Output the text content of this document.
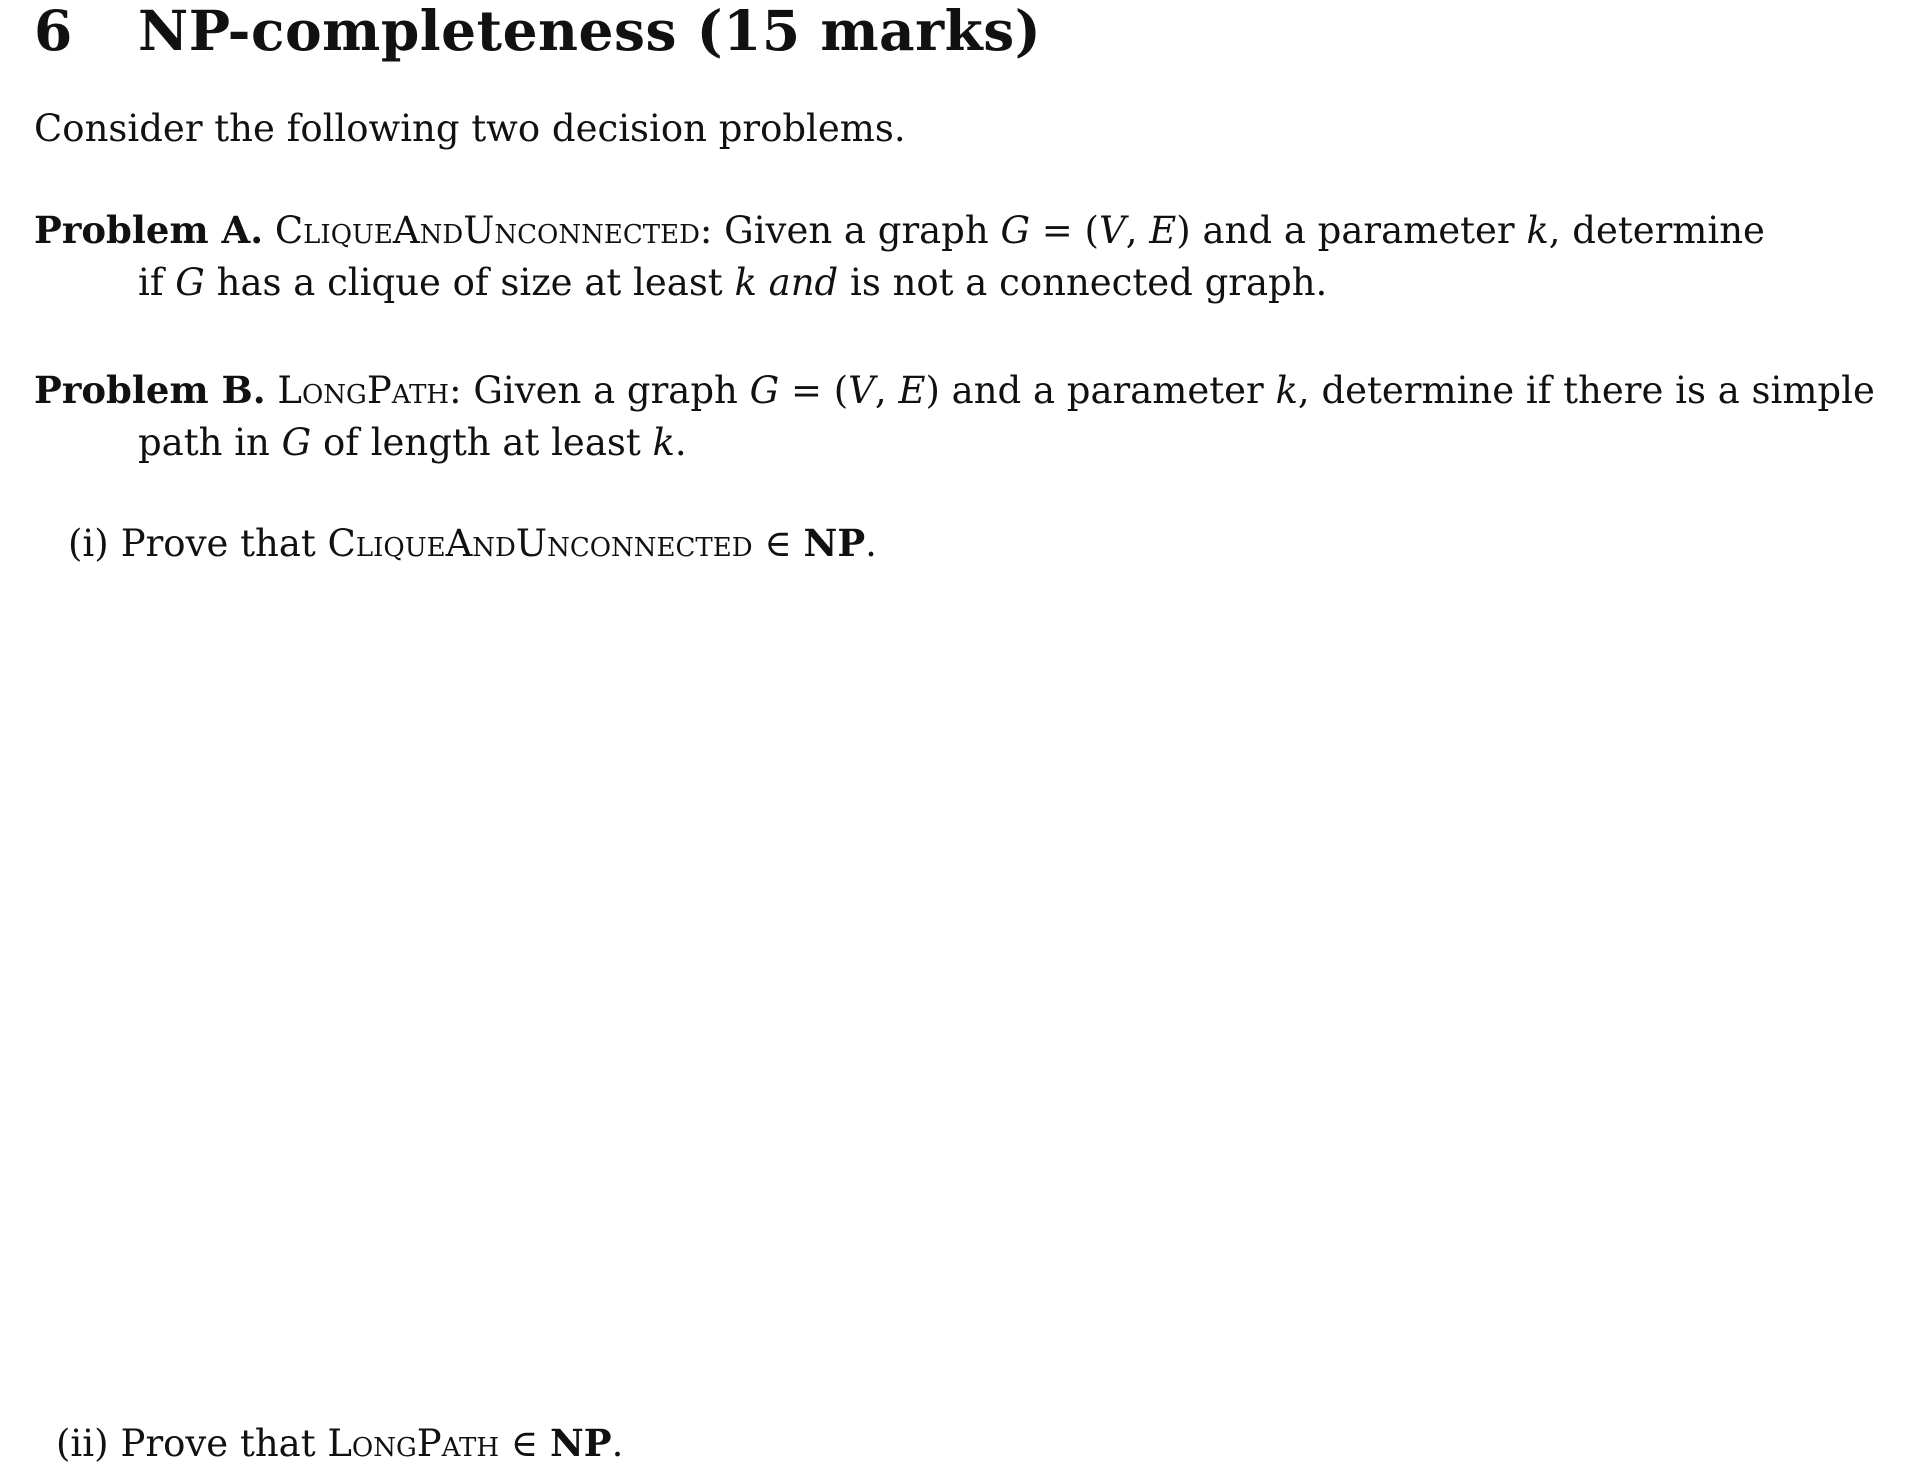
6 NP-completeness (15 marks)
Consider the following two decision problems.
Problem A. CliqueAndUnconnected: Given a graph G = (V, E) and a parameter k, determine
if G has a clique of size at least k and is not a connected graph.
Problem B. LongPath: Given a graph G = (V, E) and a parameter k, determine if there is a simple
path in G of length at least k.
(i) Prove that CliqueAndUnconnected ∈ NP.
(ii) Prove that LongPath ∈ NP.
